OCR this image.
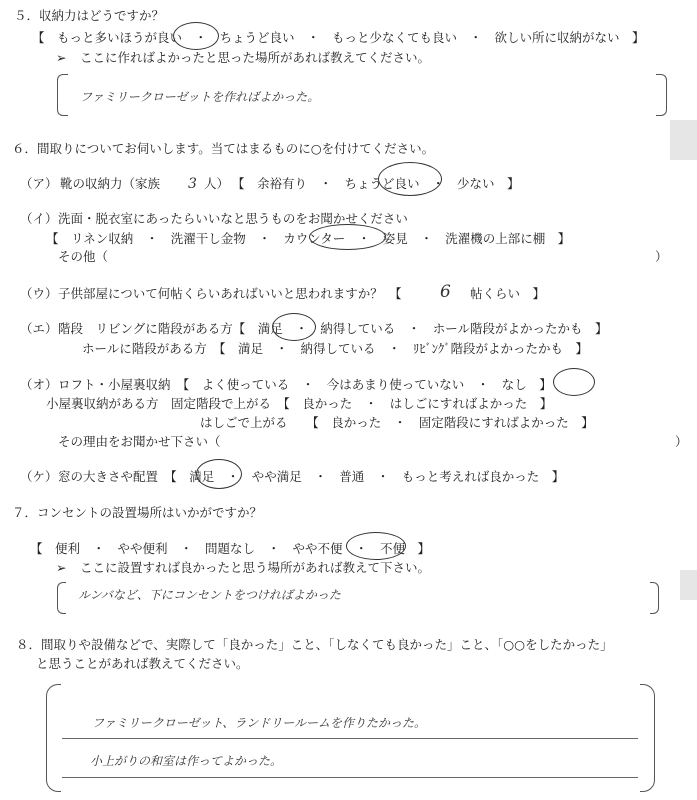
５．収納力はどうですか？
【　もっと多いほうが良い　・　ちょうど良い　・　もっと少なくても良い　・　欲しい所に収納がない　】
➢ ここに作ればよかったと思った場所があれば教えてください。
ファミリークローゼットを作ればよかった。
６．間取りについてお伺いします。当てはまるものに○を付けてください。
（ア） 靴の収納力（家族 3 人） 【　余裕有り　・　ちょうど良い　・　少ない　】
（イ） 洗面・脱衣室にあったらいいなと思うものをお聞かせください
【　リネン収納　・　洗濯干し金物　・　カウンター　・　姿見　・　洗濯機の上部に棚　】
その他（	）
（ウ） 子供部屋について何帖くらいあればいいと思われますか？　【 6 帖くらい　】
（エ） 階段　リビングに階段がある方【　満足　・　納得している　・　ホール階段がよかったかも　】
ホールに階段がある方　【　満足　・　納得している　・　ﾘﾋﾞﾝｸﾞ階段がよかったかも　】
（オ） ロフト・小屋裏収納　【　よく使っている　・　今はあまり使っていない　・　なし　】
小屋裏収納がある方　固定階段で上がる　【　良かった　・　はしごにすればよかった　】
はしごで上がる　　【　良かった　・　固定階段にすればよかった　】
その理由をお聞かせ下さい（	）
（ケ） 窓の大きさや配置　【　満足　・　やや満足　・　普通　・　もっと考えれば良かった　】
７．コンセントの設置場所はいかがですか？
【　便利　・　やや便利　・　問題なし　・　やや不便　・　不便　】
➢ ここに設置すれば良かったと思う場所があれば教えて下さい。
ルンバなど、下にコンセントをつければよかった
８．間取りや設備などで、実際して「良かった」こと、「しなくても良かった」こと、「○○をしたかった」
と思うことがあれば教えてください。
ファミリークローゼット、ランドリールームを作りたかった。
小上がりの和室は作ってよかった。
